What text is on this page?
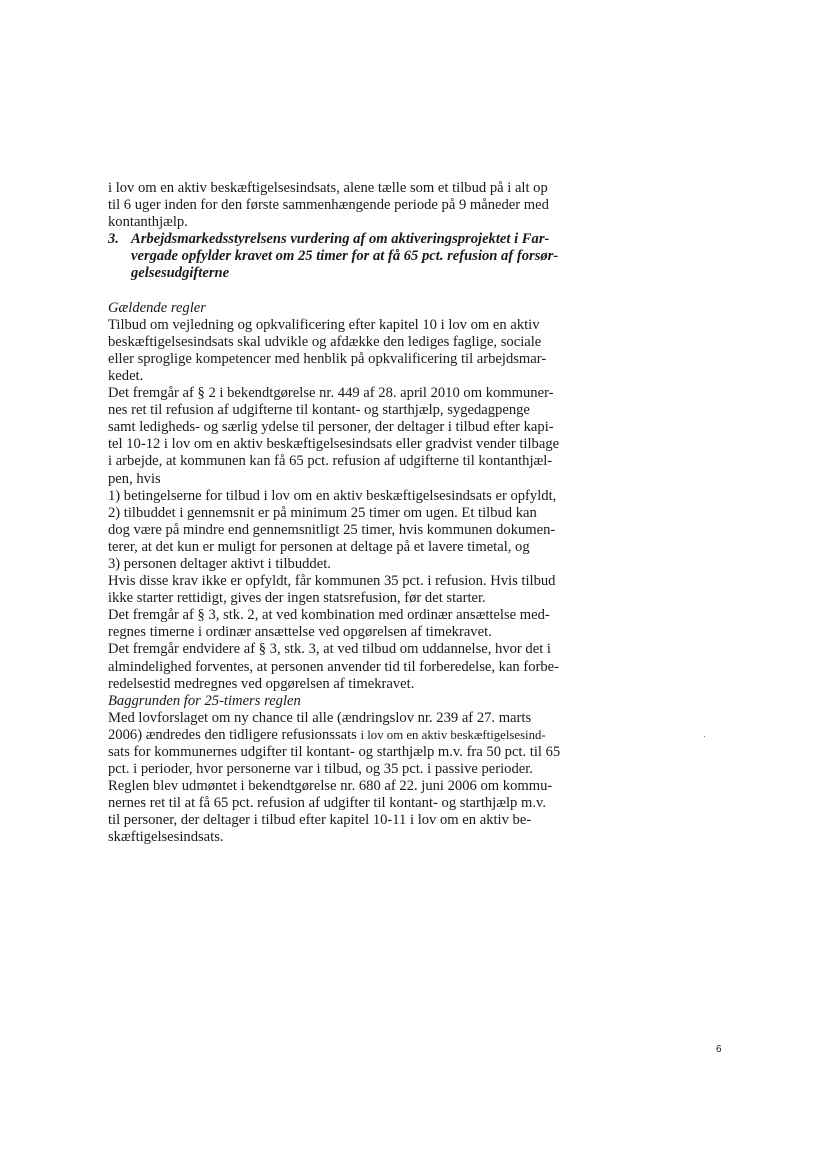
i lov om en aktiv beskæftigelsesindsats, alene tælle som et tilbud på i alt op
til 6 uger inden for den første sammenhængende periode på 9 måneder med
kontanthjælp.

3. Arbejdsmarkedsstyrelsens vurdering af om aktiveringsprojektet i Far-
vergade opfylder kravet om 25 timer for at få 65 pct. refusion af forsør-
gelsesudgifterne

Gældende regler
Tilbud om vejledning og opkvalificering efter kapitel 10 i lov om en aktiv
beskæftigelsesindsats skal udvikle og afdække den lediges faglige, sociale
eller sproglige kompetencer med henblik på opkvalificering til arbejdsmar-
kedet.

Det fremgår af § 2 i bekendtgørelse nr. 449 af 28. april 2010 om kommuner-
nes ret til refusion af udgifterne til kontant- og starthjælp, sygedagpenge
samt ledigheds- og særlig ydelse til personer, der deltager i tilbud efter kapi-
tel 10-12 i lov om en aktiv beskæftigelsesindsats eller gradvist vender tilbage
i arbejde, at kommunen kan få 65 pct. refusion af udgifterne til kontanthjæl-
pen, hvis
1) betingelserne for tilbud i lov om en aktiv beskæftigelsesindsats er opfyldt,
2) tilbuddet i gennemsnit er på minimum 25 timer om ugen. Et tilbud kan
dog være på mindre end gennemsnitligt 25 timer, hvis kommunen dokumen-
terer, at det kun er muligt for personen at deltage på et lavere timetal, og
3) personen deltager aktivt i tilbuddet.

Hvis disse krav ikke er opfyldt, får kommunen 35 pct. i refusion. Hvis tilbud
ikke starter rettidigt, gives der ingen statsrefusion, før det starter.

Det fremgår af § 3, stk. 2, at ved kombination med ordinær ansættelse med-
regnes timerne i ordinær ansættelse ved opgørelsen af timekravet.

Det fremgår endvidere af § 3, stk. 3, at ved tilbud om uddannelse, hvor det i
almindelighed forventes, at personen anvender tid til forberedelse, kan forbe-
redelsestid medregnes ved opgørelsen af timekravet.

Baggrunden for 25-timers reglen
Med lovforslaget om ny chance til alle (ændringslov nr. 239 af 27. marts
2006) ændredes den tidligere refusionssats i lov om en aktiv beskæftigelsesind-
sats for kommunernes udgifter til kontant- og starthjælp m.v. fra 50 pct. til 65
pct. i perioder, hvor personerne var i tilbud, og 35 pct. i passive perioder.

Reglen blev udmøntet i bekendtgørelse nr. 680 af 22. juni 2006 om kommu-
nernes ret til at få 65 pct. refusion af udgifter til kontant- og starthjælp m.v.
til personer, der deltager i tilbud efter kapitel 10-11 i lov om en aktiv be-
skæftigelsesindsats.

6
